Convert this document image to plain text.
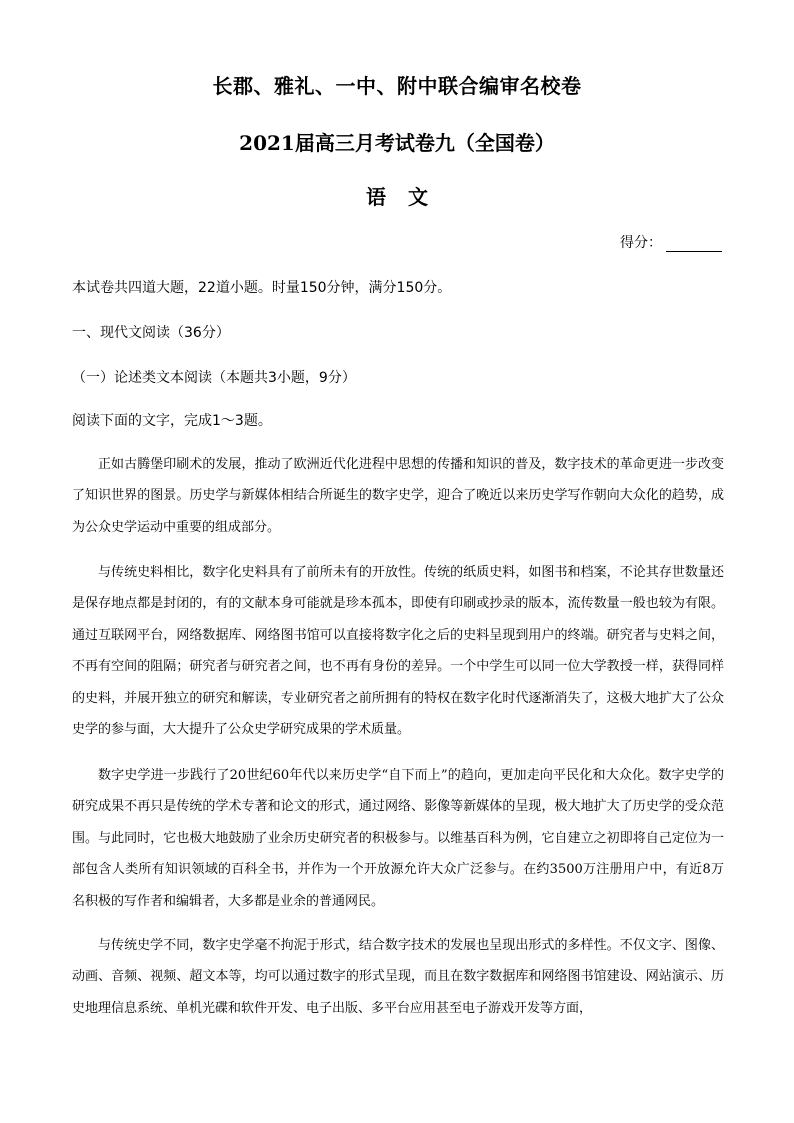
长郡、雅礼、一中、附中联合编审名校卷
2021届高三月考试卷九（全国卷）
语文
得分：
本试卷共四道大题，22道小题。时量150分钟，满分150分。
一、现代文阅读（36分）
（一）论述类文本阅读（本题共3小题，9分）
阅读下面的文字，完成1～3题。
正如古腾堡印刷术的发展，推动了欧洲近代化进程中思想的传播和知识的普及，数字技术的革命更进一步改变了知识世界的图景。历史学与新媒体相结合所诞生的数字史学，迎合了晚近以来历史学写作朝向大众化的趋势，成为公众史学运动中重要的组成部分。
与传统史料相比，数字化史料具有了前所未有的开放性。传统的纸质史料，如图书和档案，不论其存世数量还是保存地点都是封闭的，有的文献本身可能就是珍本孤本，即使有印刷或抄录的版本，流传数量一般也较为有限。通过互联网平台，网络数据库、网络图书馆可以直接将数字化之后的史料呈现到用户的终端。研究者与史料之间，不再有空间的阻隔；研究者与研究者之间，也不再有身份的差异。一个中学生可以同一位大学教授一样，获得同样的史料，并展开独立的研究和解读，专业研究者之前所拥有的特权在数字化时代逐渐消失了，这极大地扩大了公众史学的参与面，大大提升了公众史学研究成果的学术质量。
数字史学进一步践行了20世纪60年代以来历史学“自下而上”的趋向，更加走向平民化和大众化。数字史学的研究成果不再只是传统的学术专著和论文的形式，通过网络、影像等新媒体的呈现，极大地扩大了历史学的受众范围。与此同时，它也极大地鼓励了业余历史研究者的积极参与。以维基百科为例，它自建立之初即将自己定位为一部包含人类所有知识领域的百科全书，并作为一个开放源允许大众广泛参与。在约3500万注册用户中，有近8万名积极的写作者和编辑者，大多都是业余的普通网民。
与传统史学不同，数字史学毫不拘泥于形式，结合数字技术的发展也呈现出形式的多样性。不仅文字、图像、动画、音频、视频、超文本等，均可以通过数字的形式呈现，而且在数字数据库和网络图书馆建设、网站演示、历史地理信息系统、单机光碟和软件开发、电子出版、多平台应用甚至电子游戏开发等方面，
